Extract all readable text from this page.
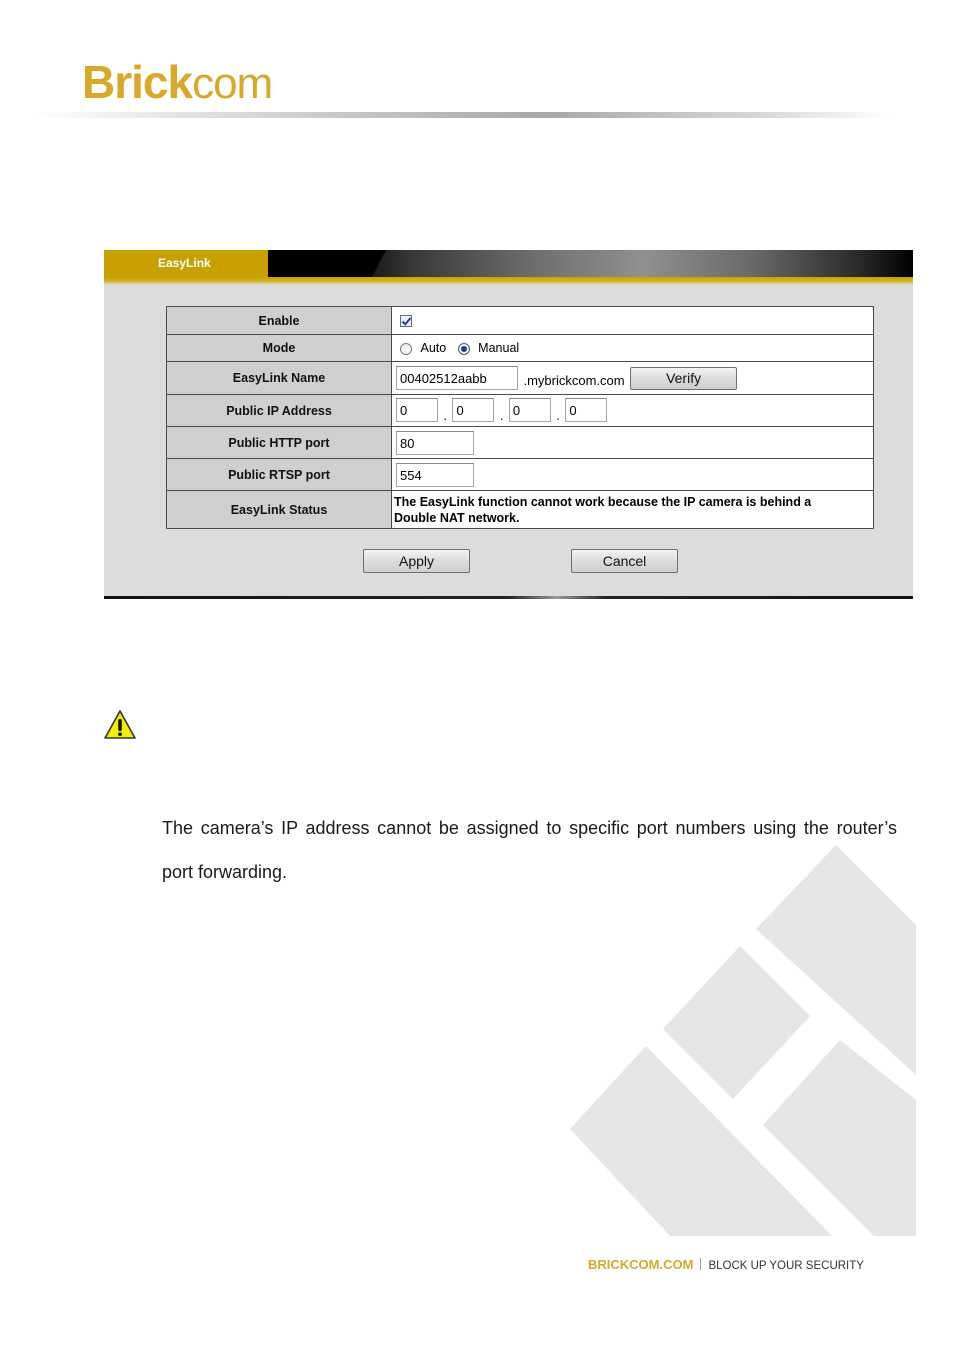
Brickcom
EasyLink
Enable	
Mode	Auto Manual
EasyLink Name	00402512aabb .mybrickcom.com Verify
Public IP Address	0 . 0 . 0 . 0
Public HTTP port	80
Public RTSP port	554
EasyLink Status	The EasyLink function cannot work because the IP camera is behind a Double NAT network.
Apply	Cancel
The camera’s IP address cannot be assigned to specific port numbers using the router’s port forwarding.
BRICKCOM.COM BLOCK UP YOUR SECURITY
